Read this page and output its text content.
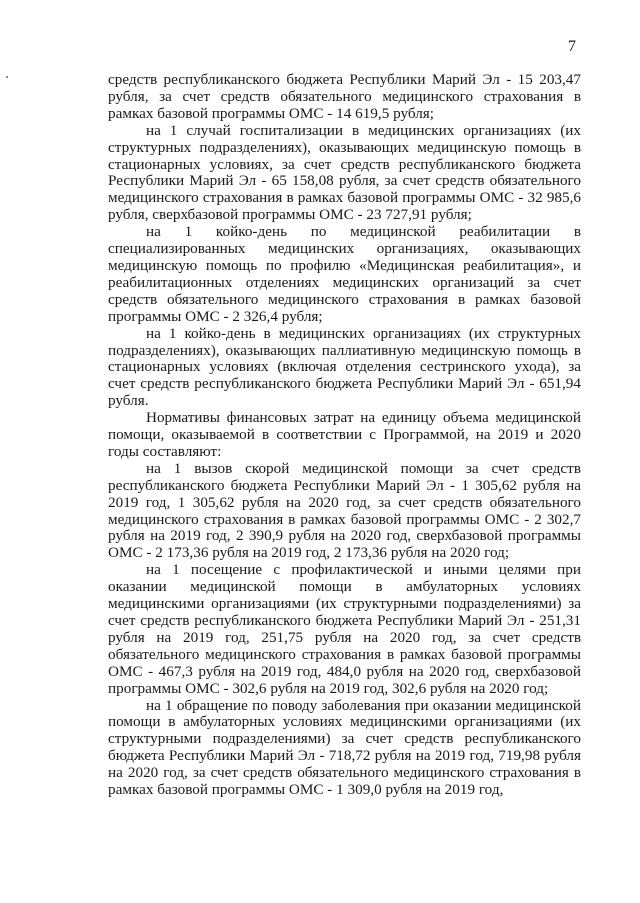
7

средств республиканского бюджета Республики Марий Эл - 15 203,47 рубля, за счет средств обязательного медицинского страхования в рамках базовой программы ОМС - 14 619,5 рубля;

на 1 случай госпитализации в медицинских организациях (их структурных подразделениях), оказывающих медицинскую помощь в стационарных условиях, за счет средств республиканского бюджета Республики Марий Эл - 65 158,08 рубля, за счет средств обязательного медицинского страхования в рамках базовой программы ОМС - 32 985,6 рубля, сверхбазовой программы ОМС - 23 727,91 рубля;

на 1 койко-день по медицинской реабилитации в специализированных медицинских организациях, оказывающих медицинскую помощь по профилю «Медицинская реабилитация», и реабилитационных отделениях медицинских организаций за счет средств обязательного медицинского страхования в рамках базовой программы ОМС - 2 326,4 рубля;

на 1 койко-день в медицинских организациях (их структурных подразделениях), оказывающих паллиативную медицинскую помощь в стационарных условиях (включая отделения сестринского ухода), за счет средств республиканского бюджета Республики Марий Эл - 651,94 рубля.

Нормативы финансовых затрат на единицу объема медицинской помощи, оказываемой в соответствии с Программой, на 2019 и 2020 годы составляют:

на 1 вызов скорой медицинской помощи за счет средств республиканского бюджета Республики Марий Эл - 1 305,62 рубля на 2019 год, 1 305,62 рубля на 2020 год, за счет средств обязательного медицинского страхования в рамках базовой программы ОМС - 2 302,7 рубля на 2019 год, 2 390,9 рубля на 2020 год, сверхбазовой программы ОМС - 2 173,36 рубля на 2019 год, 2 173,36 рубля на 2020 год;

на 1 посещение с профилактической и иными целями при оказании медицинской помощи в амбулаторных условиях медицинскими организациями (их структурными подразделениями) за счет средств республиканского бюджета Республики Марий Эл - 251,31 рубля на 2019 год, 251,75 рубля на 2020 год, за счет средств обязательного медицинского страхования в рамках базовой программы ОМС - 467,3 рубля на 2019 год, 484,0 рубля на 2020 год, сверхбазовой программы ОМС - 302,6 рубля на 2019 год, 302,6 рубля на 2020 год;

на 1 обращение по поводу заболевания при оказании медицинской помощи в амбулаторных условиях медицинскими организациями (их структурными подразделениями) за счет средств республиканского бюджета Республики Марий Эл - 718,72 рубля на 2019 год, 719,98 рубля на 2020 год, за счет средств обязательного медицинского страхования в рамках базовой программы ОМС - 1 309,0 рубля на 2019 год,
